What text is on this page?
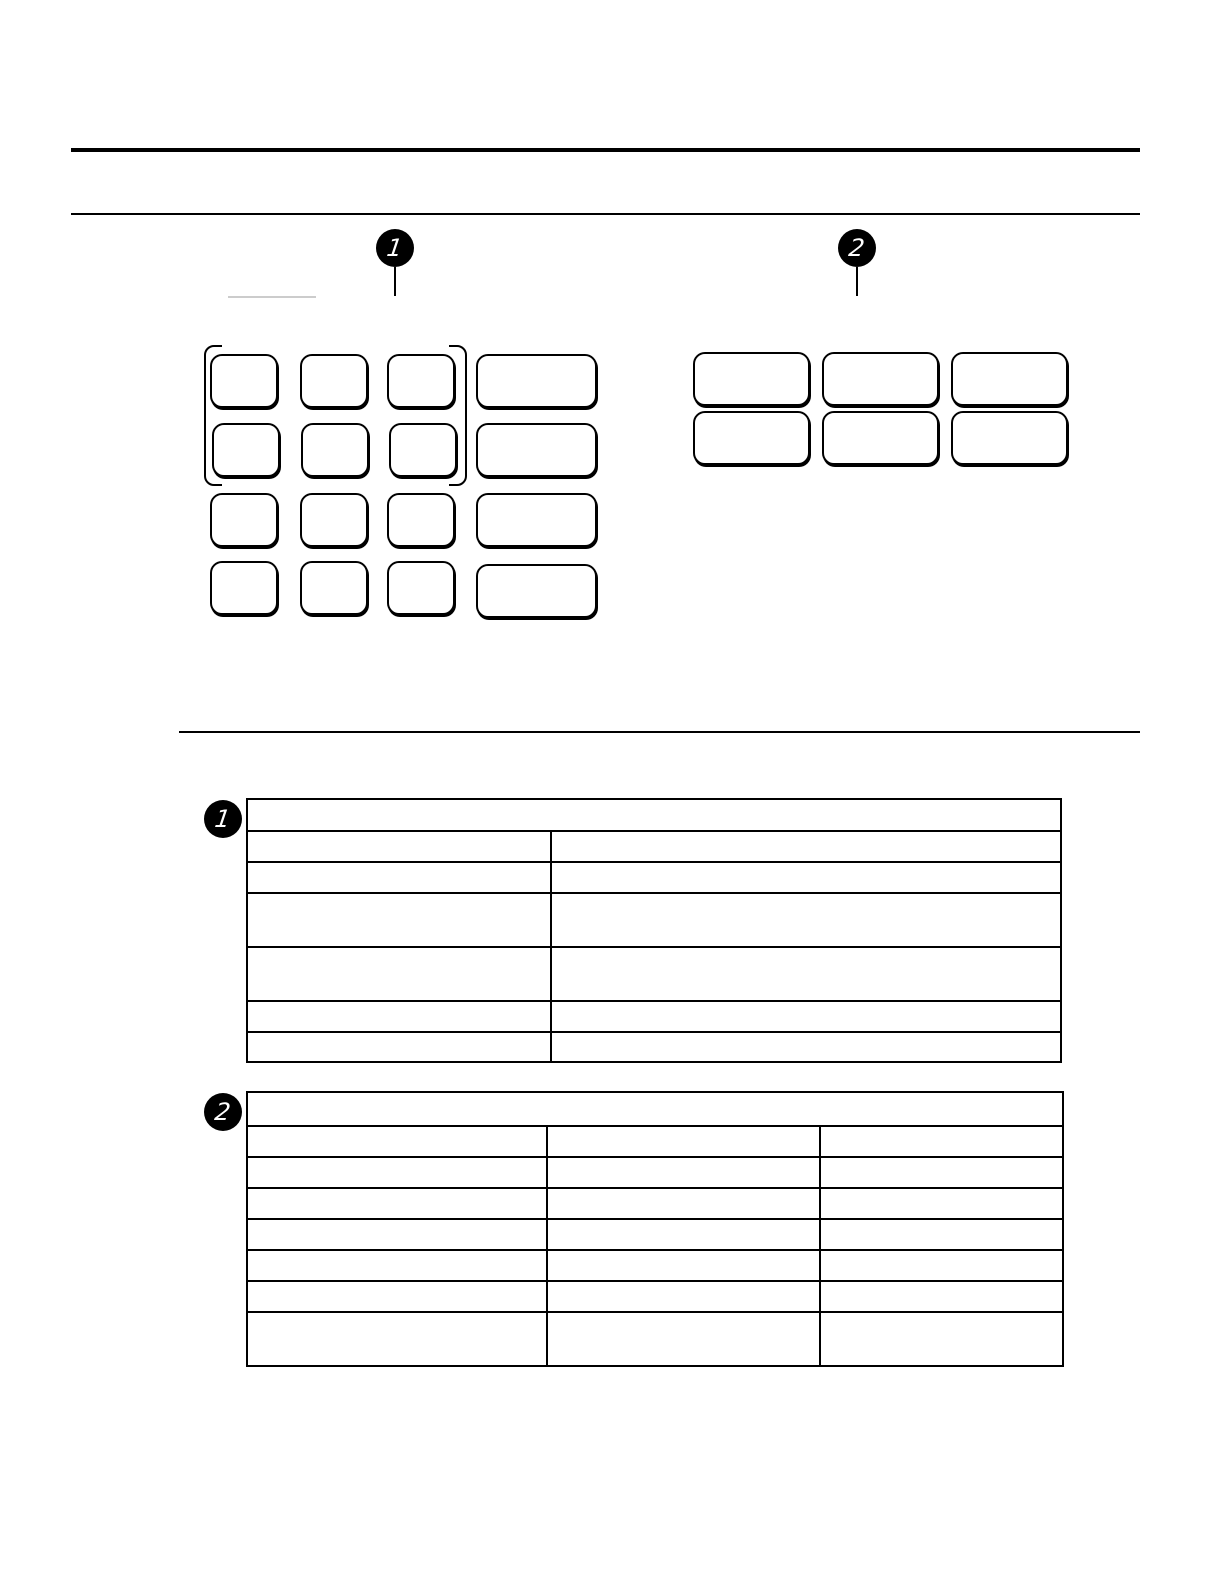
1	2
1

2
